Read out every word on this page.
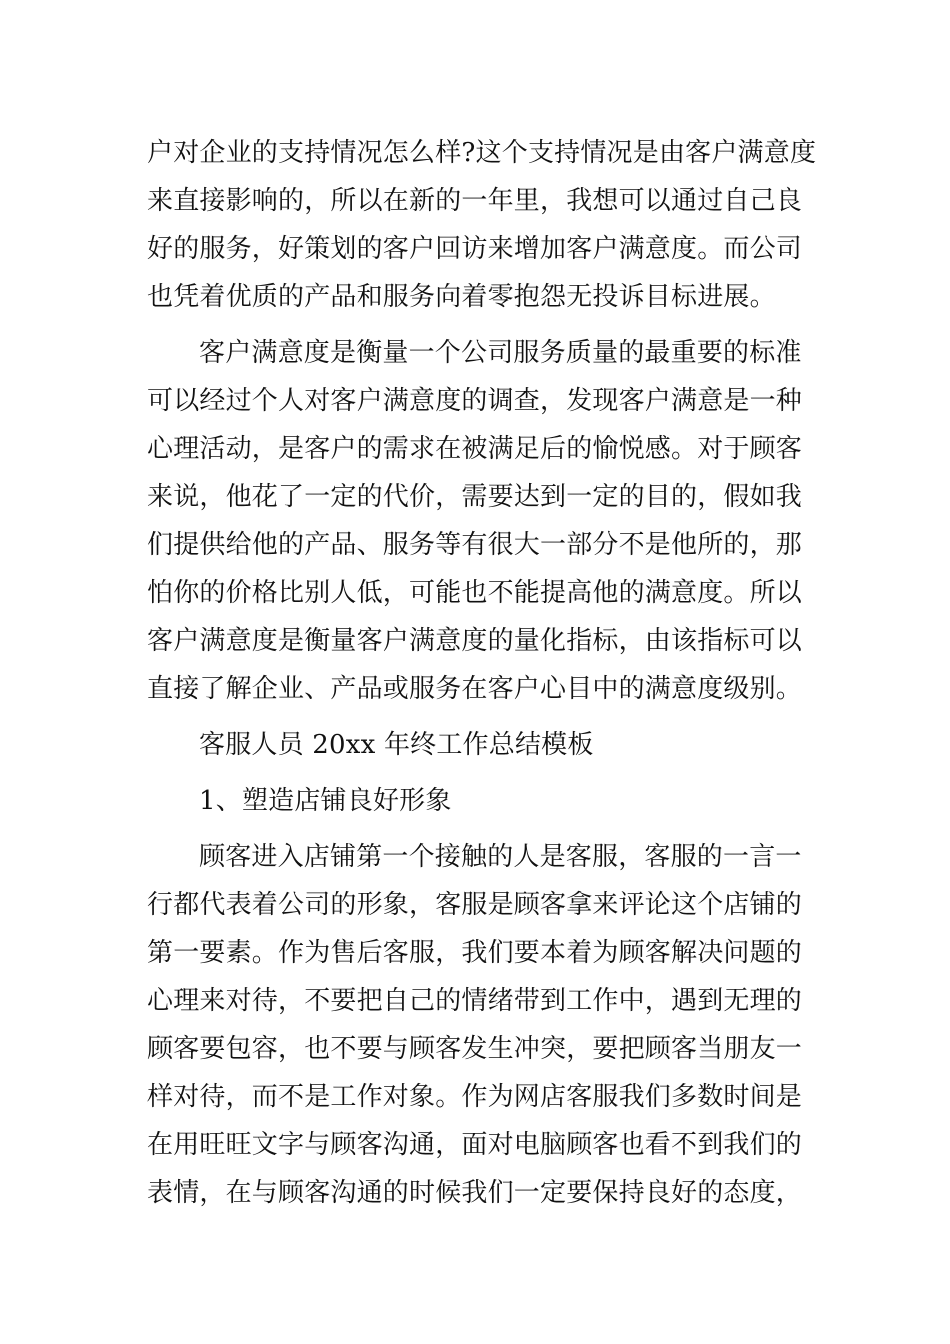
户对企业的支持情况怎么样?这个支持情况是由客户满意度
来直接影响的，所以在新的一年里，我想可以通过自己良
好的服务，好策划的客户回访来增加客户满意度。而公司
也凭着优质的产品和服务向着零抱怨无投诉目标进展。
客户满意度是衡量一个公司服务质量的最重要的标准
可以经过个人对客户满意度的调查，发现客户满意是一种
心理活动，是客户的需求在被满足后的愉悦感。对于顾客
来说，他花了一定的代价，需要达到一定的目的，假如我
们提供给他的产品、服务等有很大一部分不是他所的，那
怕你的价格比别人低，可能也不能提高他的满意度。所以
客户满意度是衡量客户满意度的量化指标，由该指标可以
直接了解企业、产品或服务在客户心目中的满意度级别。
客服人员 20xx 年终工作总结模板
1、塑造店铺良好形象
顾客进入店铺第一个接触的人是客服，客服的一言一
行都代表着公司的形象，客服是顾客拿来评论这个店铺的
第一要素。作为售后客服，我们要本着为顾客解决问题的
心理来对待，不要把自己的情绪带到工作中，遇到无理的
顾客要包容，也不要与顾客发生冲突，要把顾客当朋友一
样对待，而不是工作对象。作为网店客服我们多数时间是
在用旺旺文字与顾客沟通，面对电脑顾客也看不到我们的
表情，在与顾客沟通的时候我们一定要保持良好的态度，
